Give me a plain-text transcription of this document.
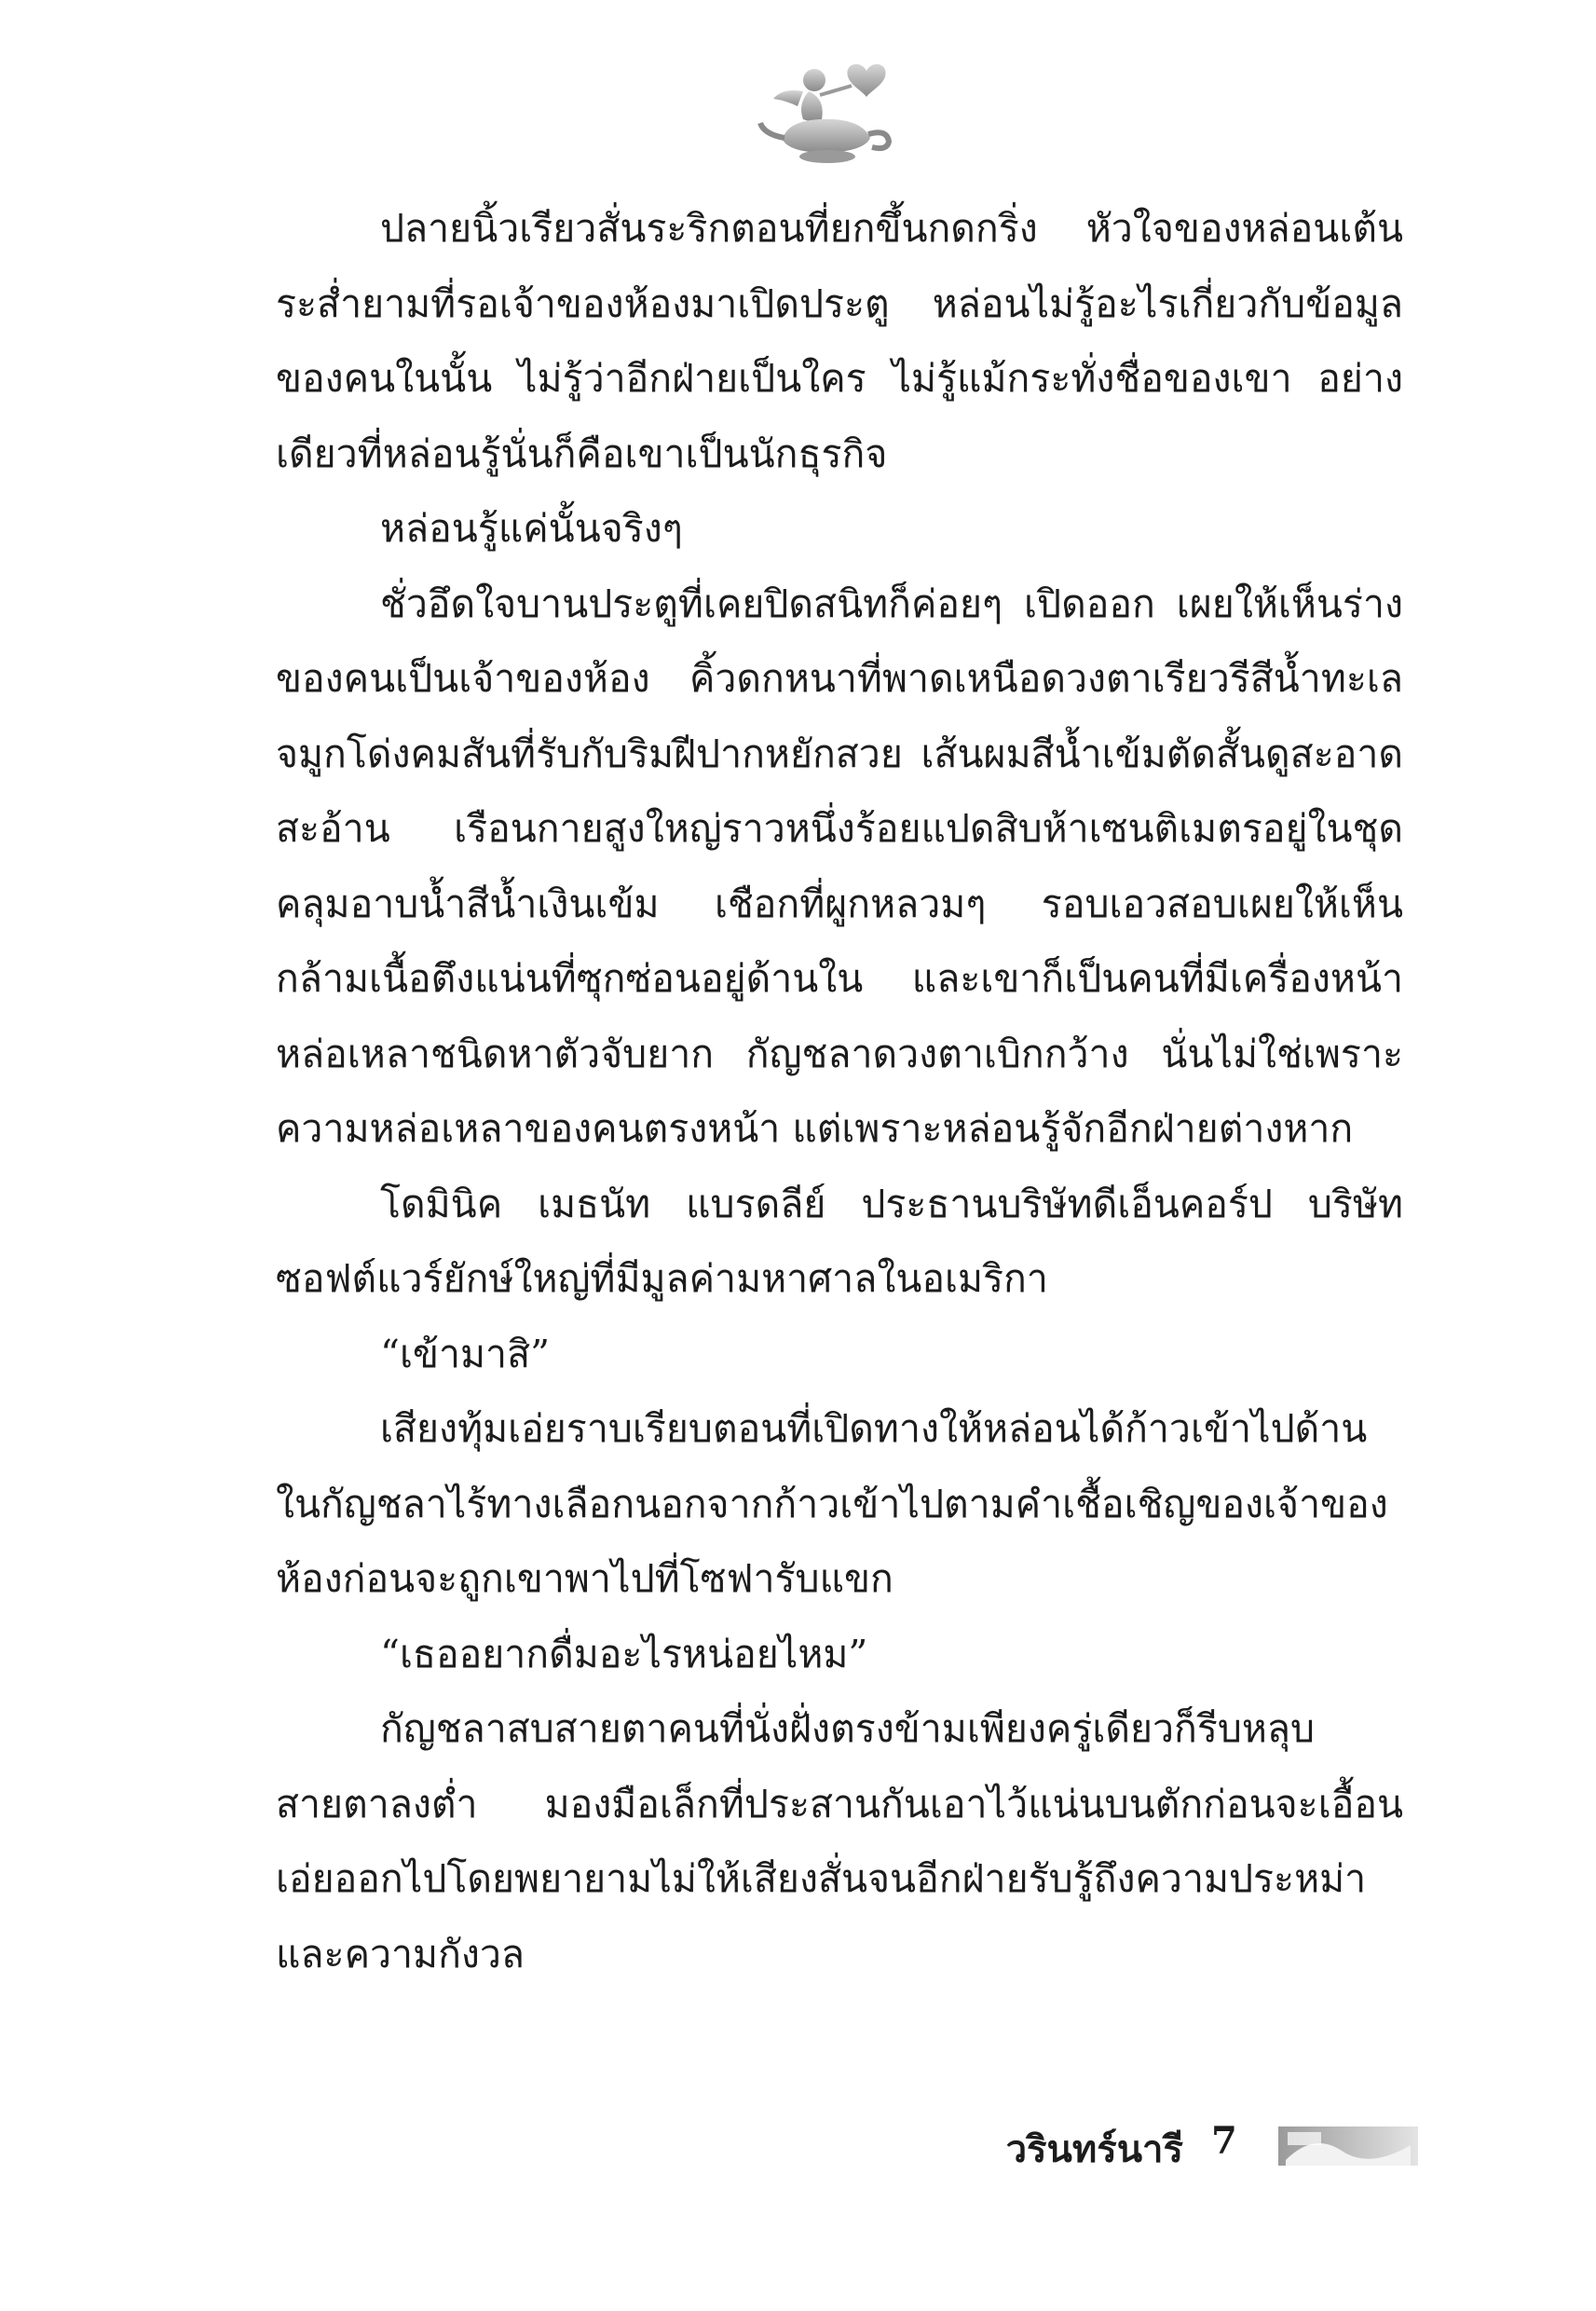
ปลายนิ้วเรียวสั่นระริกตอนที่ยกขึ้นกดกริ่ง หัวใจของหล่อนเต้นระส่ำยามที่รอเจ้าของห้องมาเปิดประตู หล่อนไม่รู้อะไรเกี่ยวกับข้อมูลของคนในนั้น ไม่รู้ว่าอีกฝ่ายเป็นใคร ไม่รู้แม้กระทั่งชื่อของเขา อย่างเดียวที่หล่อนรู้นั่นก็คือเขาเป็นนักธุรกิจ

หล่อนรู้แค่นั้นจริงๆ

ชั่วอึดใจบานประตูที่เคยปิดสนิทก็ค่อยๆ เปิดออก เผยให้เห็นร่างของคนเป็นเจ้าของห้อง คิ้วดกหนาที่พาดเหนือดวงตาเรียวรีสีน้ำทะเล จมูกโด่งคมสันที่รับกับริมฝีปากหยักสวย เส้นผมสีน้ำเข้มตัดสั้นดูสะอาดสะอ้าน เรือนกายสูงใหญ่ราวหนึ่งร้อยแปดสิบห้าเซนติเมตรอยู่ในชุดคลุมอาบน้ำสีน้ำเงินเข้ม เชือกที่ผูกหลวมๆ รอบเอวสอบเผยให้เห็นกล้ามเนื้อตึงแน่นที่ซุกซ่อนอยู่ด้านใน และเขาก็เป็นคนที่มีเครื่องหน้าหล่อเหลาชนิดหาตัวจับยาก กัญชลาดวงตาเบิกกว้าง นั่นไม่ใช่เพราะความหล่อเหลาของคนตรงหน้า แต่เพราะหล่อนรู้จักอีกฝ่ายต่างหาก

โดมินิค เมธนัท แบรดลีย์ ประธานบริษัทดีเอ็นคอร์ป บริษัทซอฟต์แวร์ยักษ์ใหญ่ที่มีมูลค่ามหาศาลในอเมริกา

“เข้ามาสิ”

เสียงทุ้มเอ่ยราบเรียบตอนที่เปิดทางให้หล่อนได้ก้าวเข้าไปด้านในกัญชลาไร้ทางเลือกนอกจากก้าวเข้าไปตามคำเชื้อเชิญของเจ้าของห้องก่อนจะถูกเขาพาไปที่โซฟารับแขก

“เธออยากดื่มอะไรหน่อยไหม”

กัญชลาสบสายตาคนที่นั่งฝั่งตรงข้ามเพียงครู่เดียวก็รีบหลุบสายตาลงต่ำ มองมือเล็กที่ประสานกันเอาไว้แน่นบนตักก่อนจะเอื้อนเอ่ยออกไปโดยพยายามไม่ให้เสียงสั่นจนอีกฝ่ายรับรู้ถึงความประหม่าและความกังวล

วรินทร์นารี 7
